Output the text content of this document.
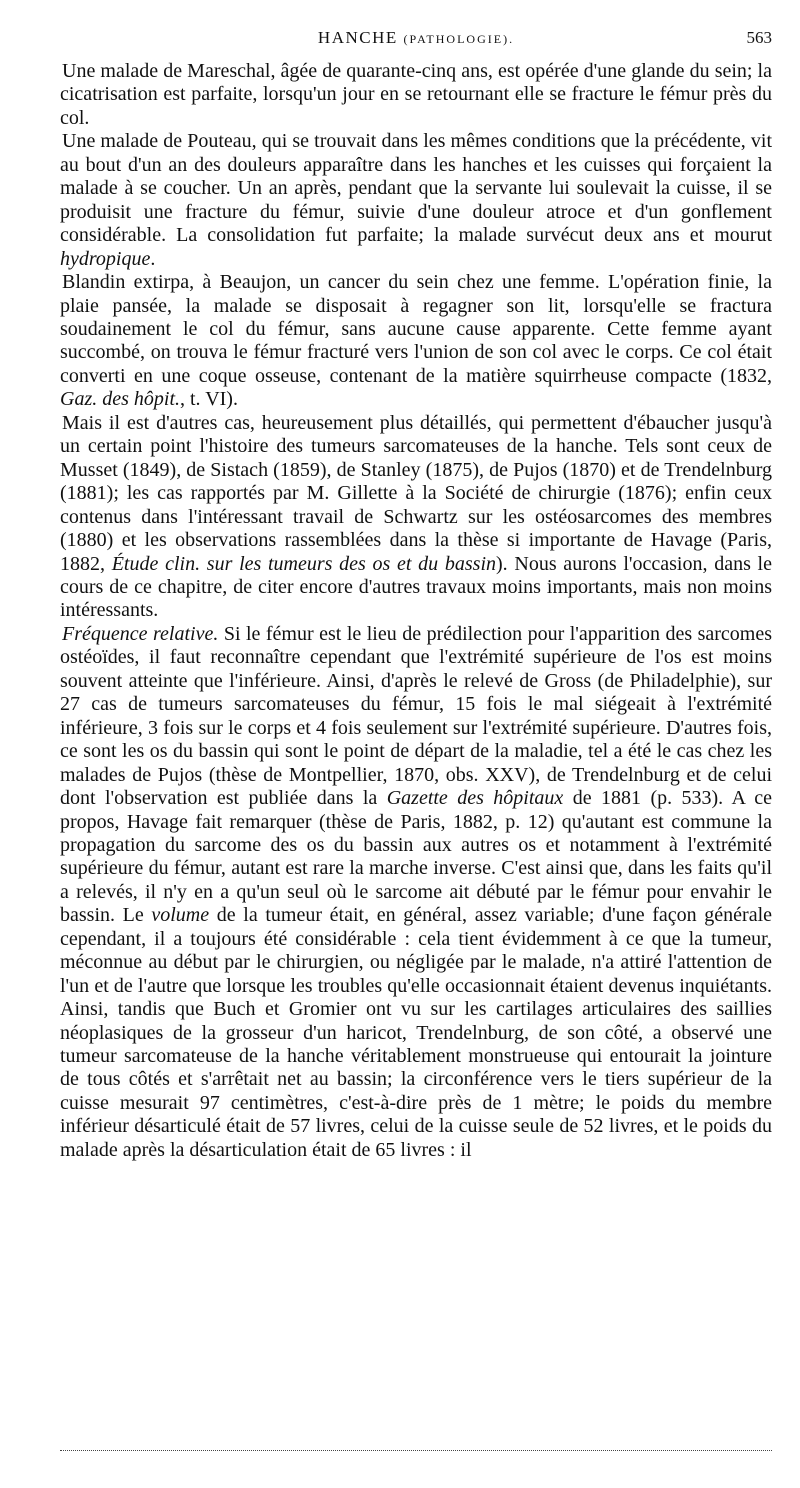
HANCHE (PATHOLOGIE).	563

Une malade de Mareschal, âgée de quarante-cinq ans, est opérée d'une glande du sein; la cicatrisation est parfaite, lorsqu'un jour en se retournant elle se fracture le fémur près du col.

Une malade de Pouteau, qui se trouvait dans les mêmes conditions que la précédente, vit au bout d'un an des douleurs apparaître dans les hanches et les cuisses qui forçaient la malade à se coucher. Un an après, pendant que la servante lui soulevait la cuisse, il se produisit une fracture du fémur, suivie d'une douleur atroce et d'un gonflement considérable. La consolidation fut parfaite; la malade survécut deux ans et mourut hydropique.

Blandin extirpa, à Beaujon, un cancer du sein chez une femme. L'opération finie, la plaie pansée, la malade se disposait à regagner son lit, lorsqu'elle se fractura soudainement le col du fémur, sans aucune cause apparente. Cette femme ayant succombé, on trouva le fémur fracturé vers l'union de son col avec le corps. Ce col était converti en une coque osseuse, contenant de la matière squirrheuse compacte (1832, Gaz. des hôpit., t. VI).

Mais il est d'autres cas, heureusement plus détaillés, qui permettent d'ébaucher jusqu'à un certain point l'histoire des tumeurs sarcomateuses de la hanche. Tels sont ceux de Musset (1849), de Sistach (1859), de Stanley (1875), de Pujos (1870) et de Trendelnburg (1881); les cas rapportés par M. Gillette à la Société de chirurgie (1876); enfin ceux contenus dans l'intéressant travail de Schwartz sur les ostéosarcomes des membres (1880) et les observations rassemblées dans la thèse si importante de Havage (Paris, 1882, Étude clin. sur les tumeurs des os et du bassin). Nous aurons l'occasion, dans le cours de ce chapitre, de citer encore d'autres travaux moins importants, mais non moins intéressants.

Fréquence relative. Si le fémur est le lieu de prédilection pour l'apparition des sarcomes ostéoïdes, il faut reconnaître cependant que l'extrémité supérieure de l'os est moins souvent atteinte que l'inférieure. Ainsi, d'après le relevé de Gross (de Philadelphie), sur 27 cas de tumeurs sarcomateuses du fémur, 15 fois le mal siégeait à l'extrémité inférieure, 3 fois sur le corps et 4 fois seulement sur l'extrémité supérieure. D'autres fois, ce sont les os du bassin qui sont le point de départ de la maladie, tel a été le cas chez les malades de Pujos (thèse de Montpellier, 1870, obs. XXV), de Trendelnburg et de celui dont l'observation est publiée dans la Gazette des hôpitaux de 1881 (p. 533). A ce propos, Havage fait remarquer (thèse de Paris, 1882, p. 12) qu'autant est commune la propagation du sarcome des os du bassin aux autres os et notamment à l'extrémité supérieure du fémur, autant est rare la marche inverse. C'est ainsi que, dans les faits qu'il a relevés, il n'y en a qu'un seul où le sarcome ait débuté par le fémur pour envahir le bassin. Le volume de la tumeur était, en général, assez variable; d'une façon générale cependant, il a toujours été considérable : cela tient évidemment à ce que la tumeur, méconnue au début par le chirurgien, ou négligée par le malade, n'a attiré l'attention de l'un et de l'autre que lorsque les troubles qu'elle occasionnait étaient devenus inquiétants. Ainsi, tandis que Buch et Gromier ont vu sur les cartilages articulaires des saillies néoplasiques de la grosseur d'un haricot, Trendelnburg, de son côté, a observé une tumeur sarcomateuse de la hanche véritablement monstrueuse qui entourait la jointure de tous côtés et s'arrêtait net au bassin; la circonférence vers le tiers supérieur de la cuisse mesurait 97 centimètres, c'est-à-dire près de 1 mètre; le poids du membre inférieur désarticulé était de 57 livres, celui de la cuisse seule de 52 livres, et le poids du malade après la désarticulation était de 65 livres : il
